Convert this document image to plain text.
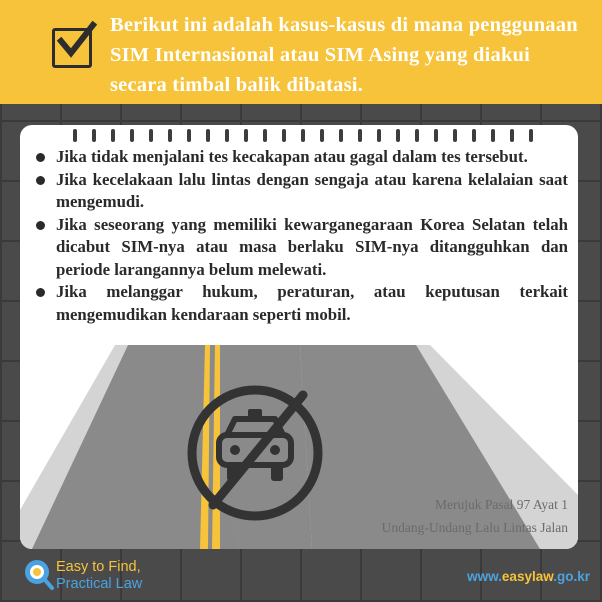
Berikut ini adalah kasus-kasus di mana penggunaan SIM Internasional atau SIM Asing yang diakui secara timbal balik dibatasi.
Jika tidak menjalani tes kecakapan atau gagal dalam tes tersebut.
Jika kecelakaan lalu lintas dengan sengaja atau karena kelalaian saat mengemudi.
Jika seseorang yang memiliki kewarganegaraan Korea Selatan telah dicabut SIM-nya atau masa berlaku SIM-nya ditangguhkan dan periode larangannya belum melewati.
Jika melanggar hukum, peraturan, atau keputusan terkait mengemudikan kendaraan seperti mobil.
Merujuk Pasal 97 Ayat 1
Undang-Undang Lalu Lintas Jalan
Easy to Find,
Practical Law	www.easylaw.go.kr
